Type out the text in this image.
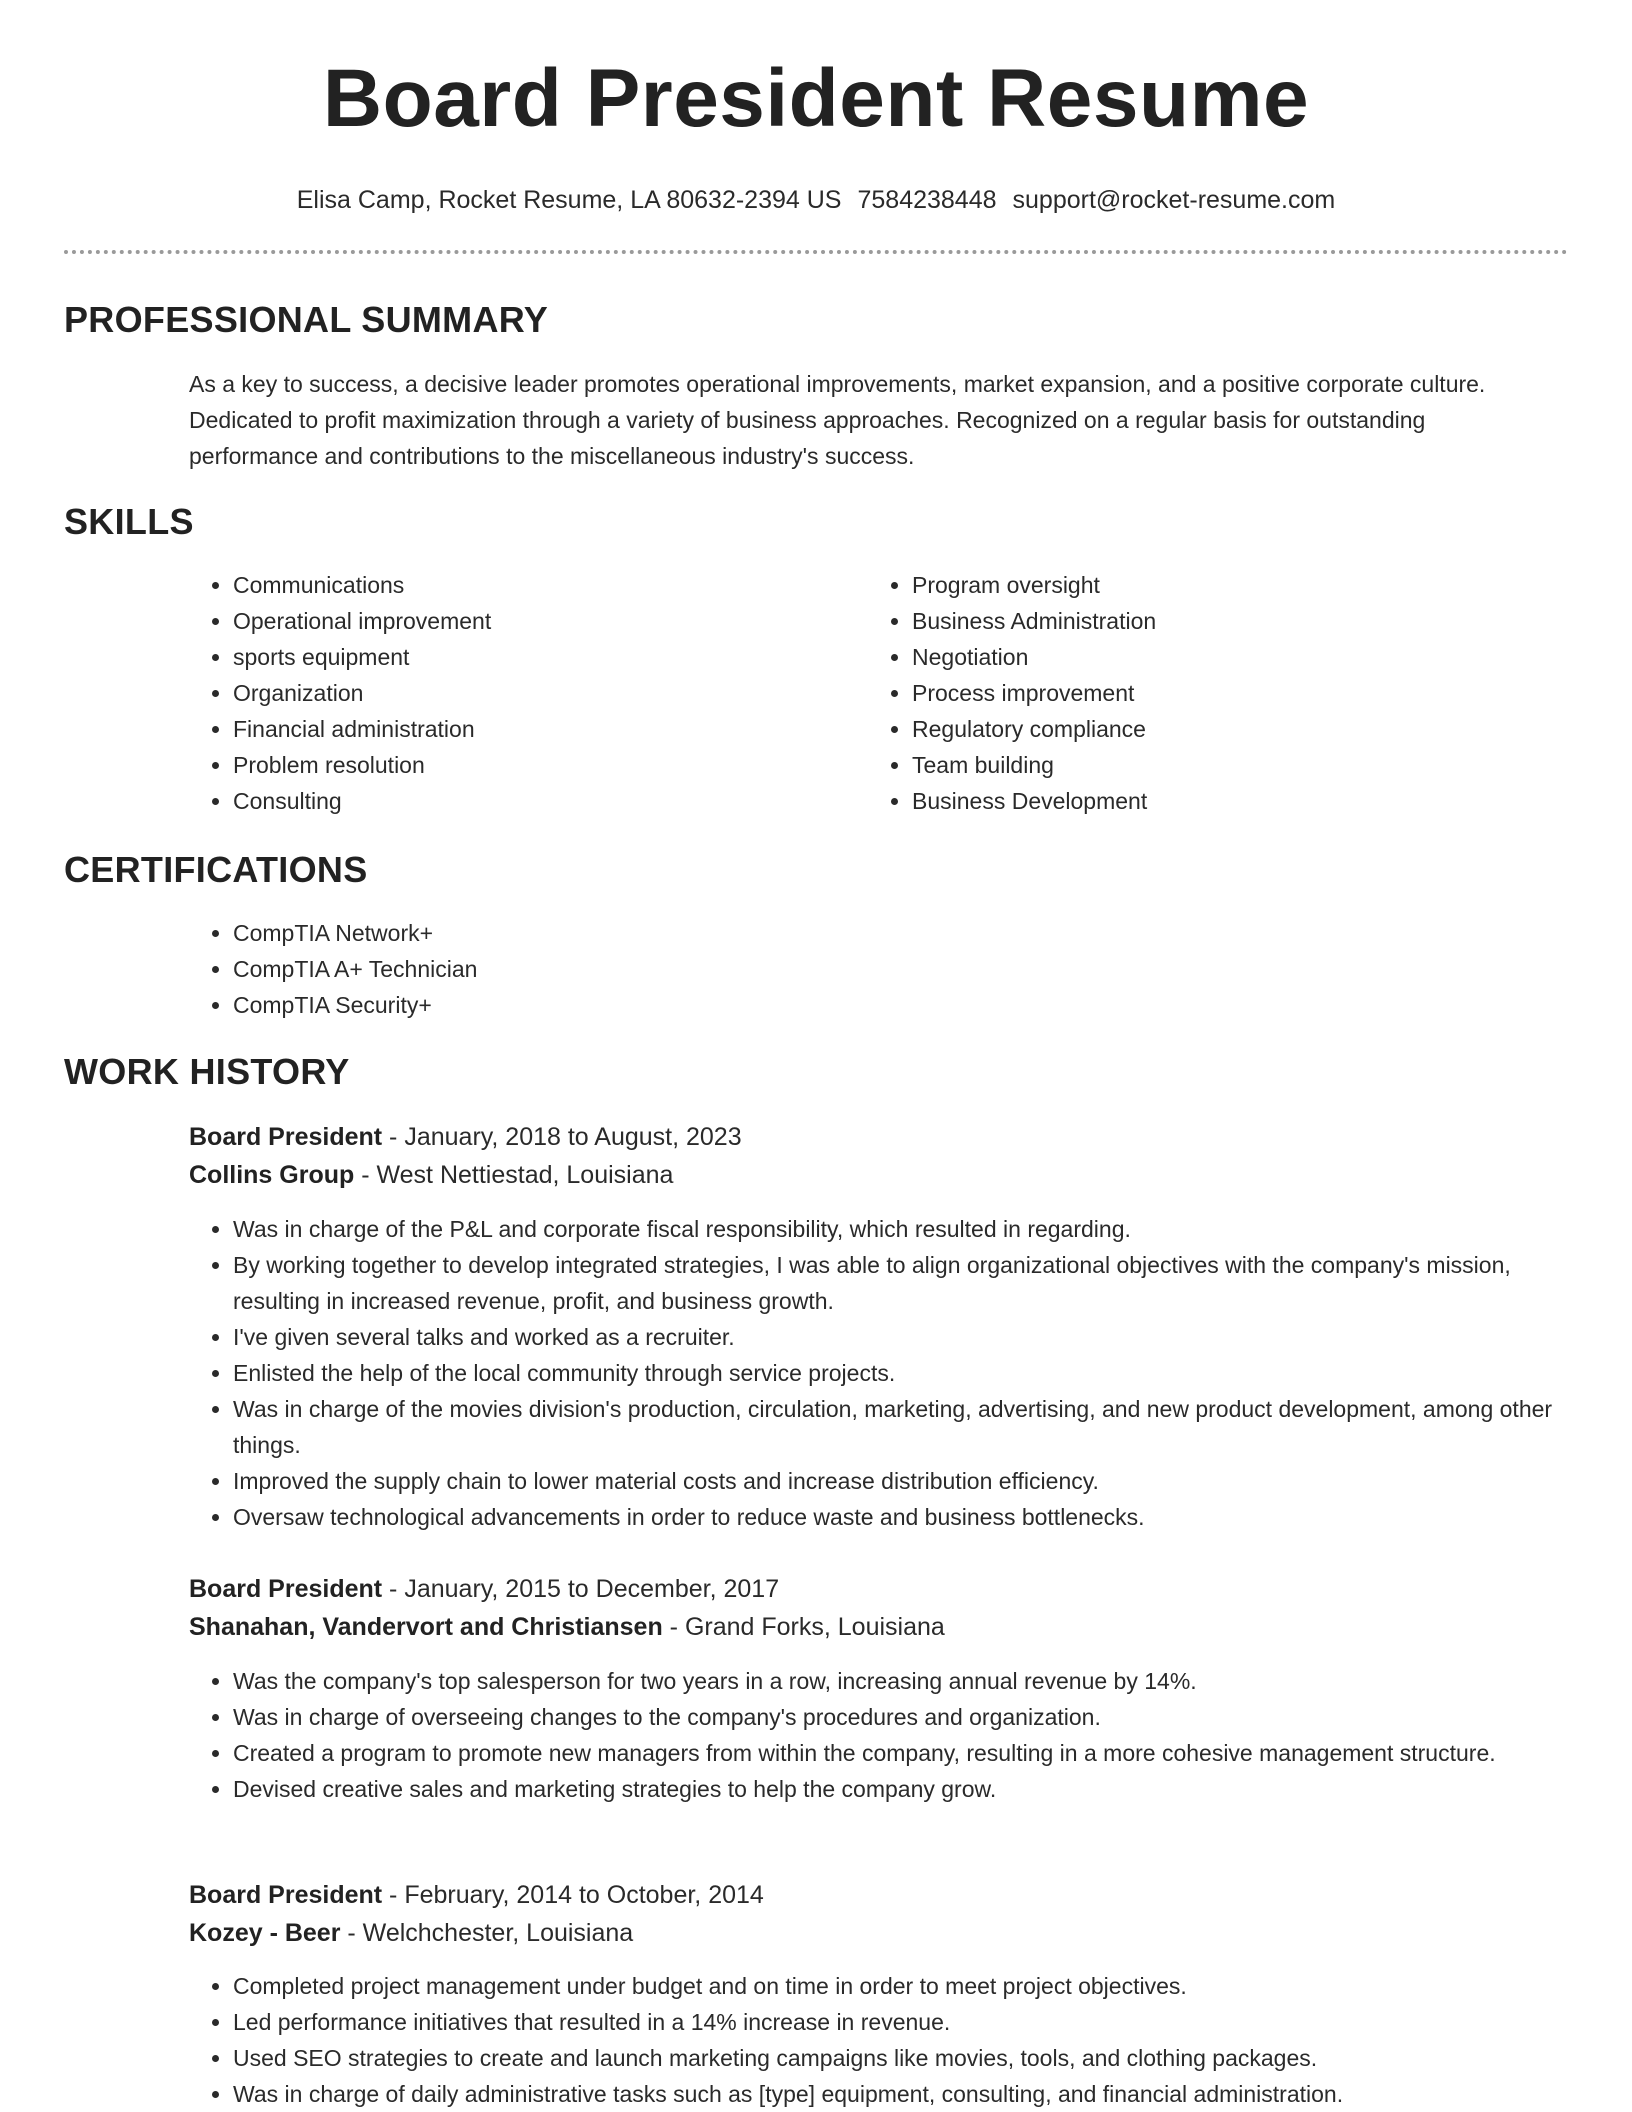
Board President Resume
Elisa Camp, Rocket Resume, LA 80632-2394 US 7584238448 support@rocket-resume.com
PROFESSIONAL SUMMARY
As a key to success, a decisive leader promotes operational improvements, market expansion, and a positive corporate culture. Dedicated to profit maximization through a variety of business approaches. Recognized on a regular basis for outstanding performance and contributions to the miscellaneous industry's success.
SKILLS
• Communications
• Operational improvement
• sports equipment
• Organization
• Financial administration
• Problem resolution
• Consulting
• Program oversight
• Business Administration
• Negotiation
• Process improvement
• Regulatory compliance
• Team building
• Business Development
CERTIFICATIONS
• CompTIA Network+
• CompTIA A+ Technician
• CompTIA Security+
WORK HISTORY
Board President - January, 2018 to August, 2023
Collins Group - West Nettiestad, Louisiana
• Was in charge of the P&L and corporate fiscal responsibility, which resulted in regarding.
• By working together to develop integrated strategies, I was able to align organizational objectives with the company's mission, resulting in increased revenue, profit, and business growth.
• I've given several talks and worked as a recruiter.
• Enlisted the help of the local community through service projects.
• Was in charge of the movies division's production, circulation, marketing, advertising, and new product development, among other things.
• Improved the supply chain to lower material costs and increase distribution efficiency.
• Oversaw technological advancements in order to reduce waste and business bottlenecks.
Board President - January, 2015 to December, 2017
Shanahan, Vandervort and Christiansen - Grand Forks, Louisiana
• Was the company's top salesperson for two years in a row, increasing annual revenue by 14%.
• Was in charge of overseeing changes to the company's procedures and organization.
• Created a program to promote new managers from within the company, resulting in a more cohesive management structure.
• Devised creative sales and marketing strategies to help the company grow.
Board President - February, 2014 to October, 2014
Kozey - Beer - Welchchester, Louisiana
• Completed project management under budget and on time in order to meet project objectives.
• Led performance initiatives that resulted in a 14% increase in revenue.
• Used SEO strategies to create and launch marketing campaigns like movies, tools, and clothing packages.
• Was in charge of daily administrative tasks such as [type] equipment, consulting, and financial administration.
